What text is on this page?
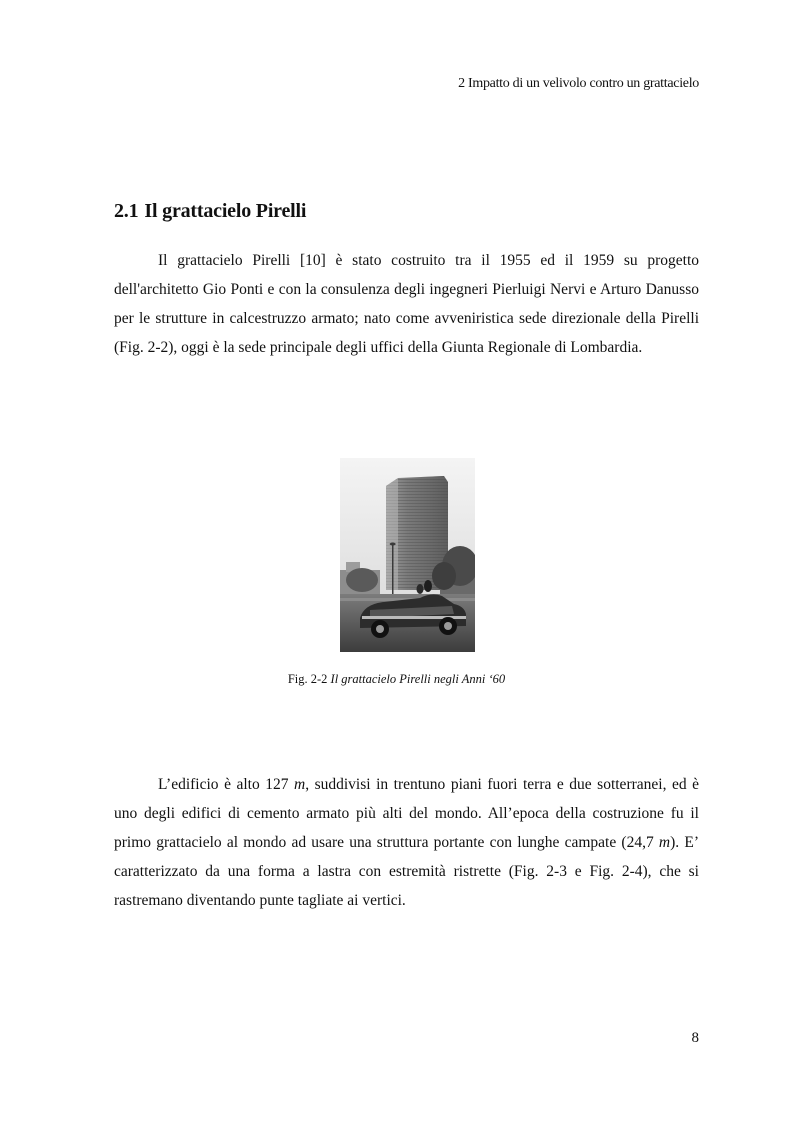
2 Impatto di un velivolo contro un grattacielo
2.1 Il grattacielo Pirelli

Il grattacielo Pirelli [10] è stato costruito tra il 1955 ed il 1959 su progetto dell'architetto Gio Ponti e con la consulenza degli ingegneri Pierluigi Nervi e Arturo Danusso per le strutture in calcestruzzo armato; nato come avveniristica sede direzionale della Pirelli (Fig. 2-2), oggi è la sede principale degli uffici della Giunta Regionale di Lombardia.

Fig. 2-2 Il grattacielo Pirelli negli Anni ‘60

L’edificio è alto 127 m, suddivisi in trentuno piani fuori terra e due sotterranei, ed è uno degli edifici di cemento armato più alti del mondo. All’epoca della costruzione fu il primo grattacielo al mondo ad usare una struttura portante con lunghe campate (24,7 m). E’ caratterizzato da una forma a lastra con estremità ristrette (Fig. 2-3 e Fig. 2-4), che si rastremano diventando punte tagliate ai vertici.

8
